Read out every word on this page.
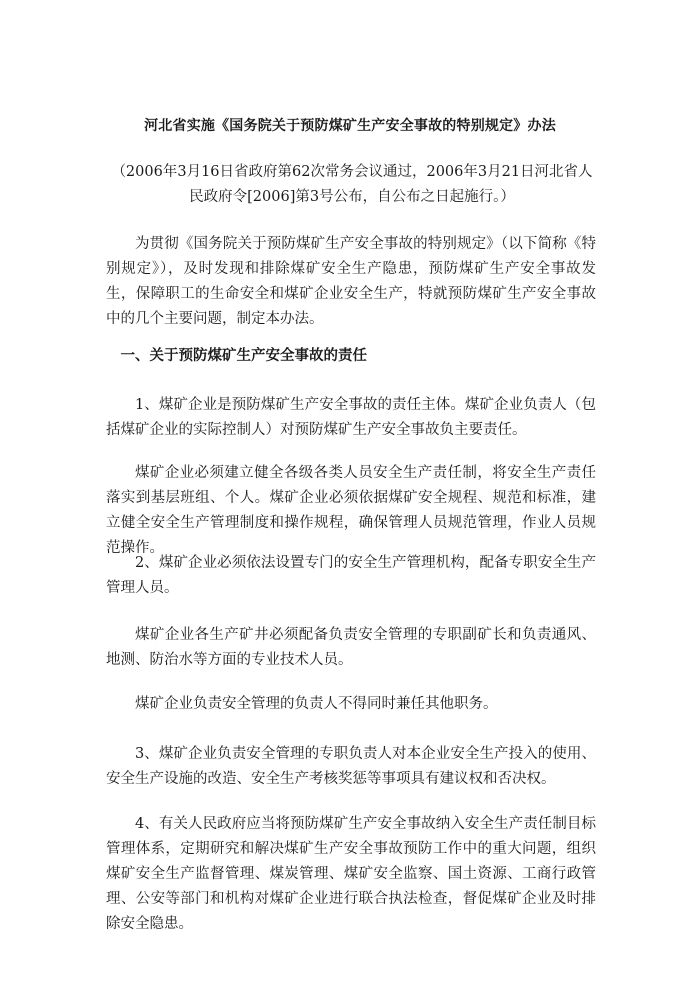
河北省实施《国务院关于预防煤矿生产安全事故的特别规定》办法
（2006年3月16日省政府第62次常务会议通过，2006年3月21日河北省人民政府令[2006]第3号公布，自公布之日起施行。）

为贯彻《国务院关于预防煤矿生产安全事故的特别规定》（以下简称《特别规定》），及时发现和排除煤矿安全生产隐患，预防煤矿生产安全事故发生，保障职工的生命安全和煤矿企业安全生产，特就预防煤矿生产安全事故中的几个主要问题，制定本办法。

一、关于预防煤矿生产安全事故的责任

1、煤矿企业是预防煤矿生产安全事故的责任主体。煤矿企业负责人（包括煤矿企业的实际控制人）对预防煤矿生产安全事故负主要责任。

煤矿企业必须建立健全各级各类人员安全生产责任制，将安全生产责任落实到基层班组、个人。煤矿企业必须依据煤矿安全规程、规范和标准，建立健全安全生产管理制度和操作规程，确保管理人员规范管理，作业人员规范操作。

2、煤矿企业必须依法设置专门的安全生产管理机构，配备专职安全生产管理人员。

煤矿企业各生产矿井必须配备负责安全管理的专职副矿长和负责通风、地测、防治水等方面的专业技术人员。

煤矿企业负责安全管理的负责人不得同时兼任其他职务。

3、煤矿企业负责安全管理的专职负责人对本企业安全生产投入的使用、安全生产设施的改造、安全生产考核奖惩等事项具有建议权和否决权。

4、有关人民政府应当将预防煤矿生产安全事故纳入安全生产责任制目标管理体系，定期研究和解决煤矿生产安全事故预防工作中的重大问题，组织煤矿安全生产监督管理、煤炭管理、煤矿安全监察、国土资源、工商行政管理、公安等部门和机构对煤矿企业进行联合执法检查，督促煤矿企业及时排除安全隐患。
